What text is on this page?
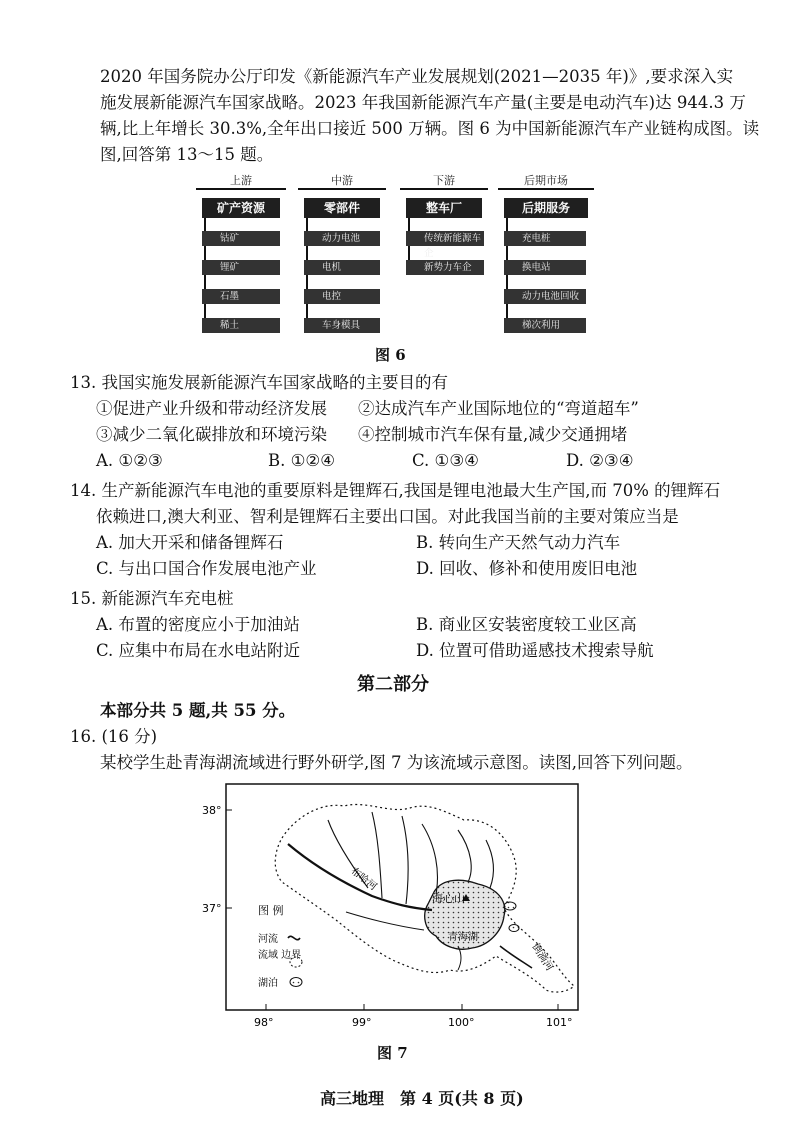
2020 年国务院办公厅印发《新能源汽车产业发展规划(2021—2035 年)》,要求深入实
施发展新能源汽车国家战略。2023 年我国新能源汽车产量(主要是电动汽车)达 944.3 万
辆,比上年增长 30.3%,全年出口接近 500 万辆。图 6 为中国新能源汽车产业链构成图。读
图,回答第 13～15 题。
上游
矿产资源
钴矿
锂矿
石墨
稀土
中游
零部件
动力电池
电机
电控
车身模具
下游
整车厂
传统新能源车企
新势力车企
后期市场
后期服务
充电桩
换电站
动力电池回收
梯次利用
图 6
13. 我国实施发展新能源汽车国家战略的主要目的有
①促进产业升级和带动经济发展 ②达成汽车产业国际地位的“弯道超车”
③减少二氧化碳排放和环境污染 ④控制城市汽车保有量,减少交通拥堵
A. ①②③	B. ①②④	C. ①③④	D. ②③④
14. 生产新能源汽车电池的重要原料是锂辉石,我国是锂电池最大生产国,而 70% 的锂辉石
依赖进口,澳大利亚、智利是锂辉石主要出口国。对此我国当前的主要对策应当是
A. 加大开采和储备锂辉石	B. 转向生产天然气动力汽车
C. 与出口国合作发展电池产业	D. 回收、修补和使用废旧电池
15. 新能源汽车充电桩
A. 布置的密度应小于加油站	B. 商业区安装密度较工业区高
C. 应集中布局在水电站附近	D. 位置可借助遥感技术搜索导航
第二部分
本部分共 5 题,共 55 分。
16. (16 分)
某校学生赴青海湖流域进行野外研学,图 7 为该流域示意图。读图,回答下列问题。
38°
37°
98°	99°	100°	101°
海心山
青海湖
布哈河
倒淌河
图 例
河流
流域 边界
湖泊
图 7
高三地理　第 4 页(共 8 页)
